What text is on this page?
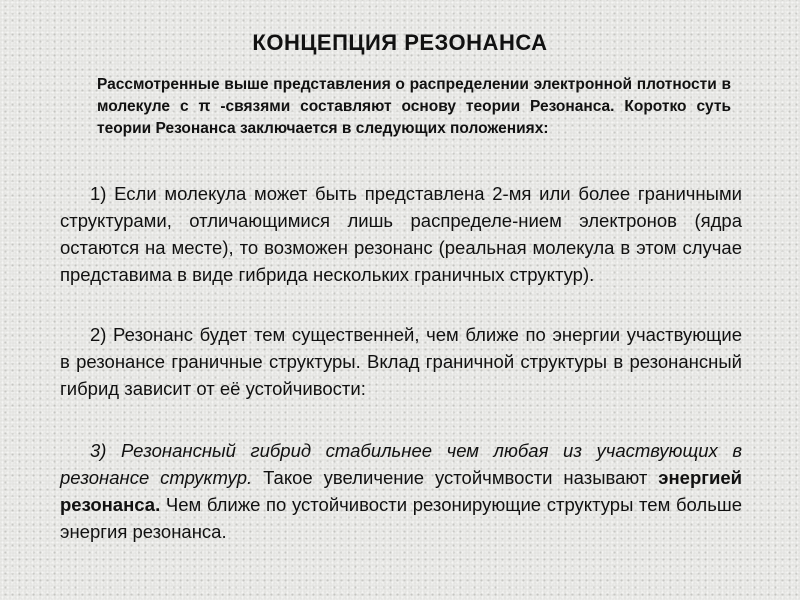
КОНЦЕПЦИЯ РЕЗОНАНСА

Рассмотренные выше представления о распределении электронной плотности в молекуле с π -связями составляют основу теории Резонанса. Коротко суть теории Резонанса заключается в следующих положениях:

1) Если молекула может быть представлена 2-мя или более граничными структурами, отличающимися лишь распределе-нием электронов (ядра остаются на месте), то возможен резонанс (реальная молекула в этом случае представима в виде гибрида нескольких граничных структур).

2) Резонанс будет тем существенней, чем ближе по энергии участвующие в резонансе граничные структуры. Вклад граничной структуры в резонансный гибрид зависит от её устойчивости:

3) Резонансный гибрид стабильнее чем любая из участвующих в резонансе структур. Такое увеличение устойчмвости называют энергией резонанса. Чем ближе по устойчивости резонирующие структуры тем больше энергия резонанса.
